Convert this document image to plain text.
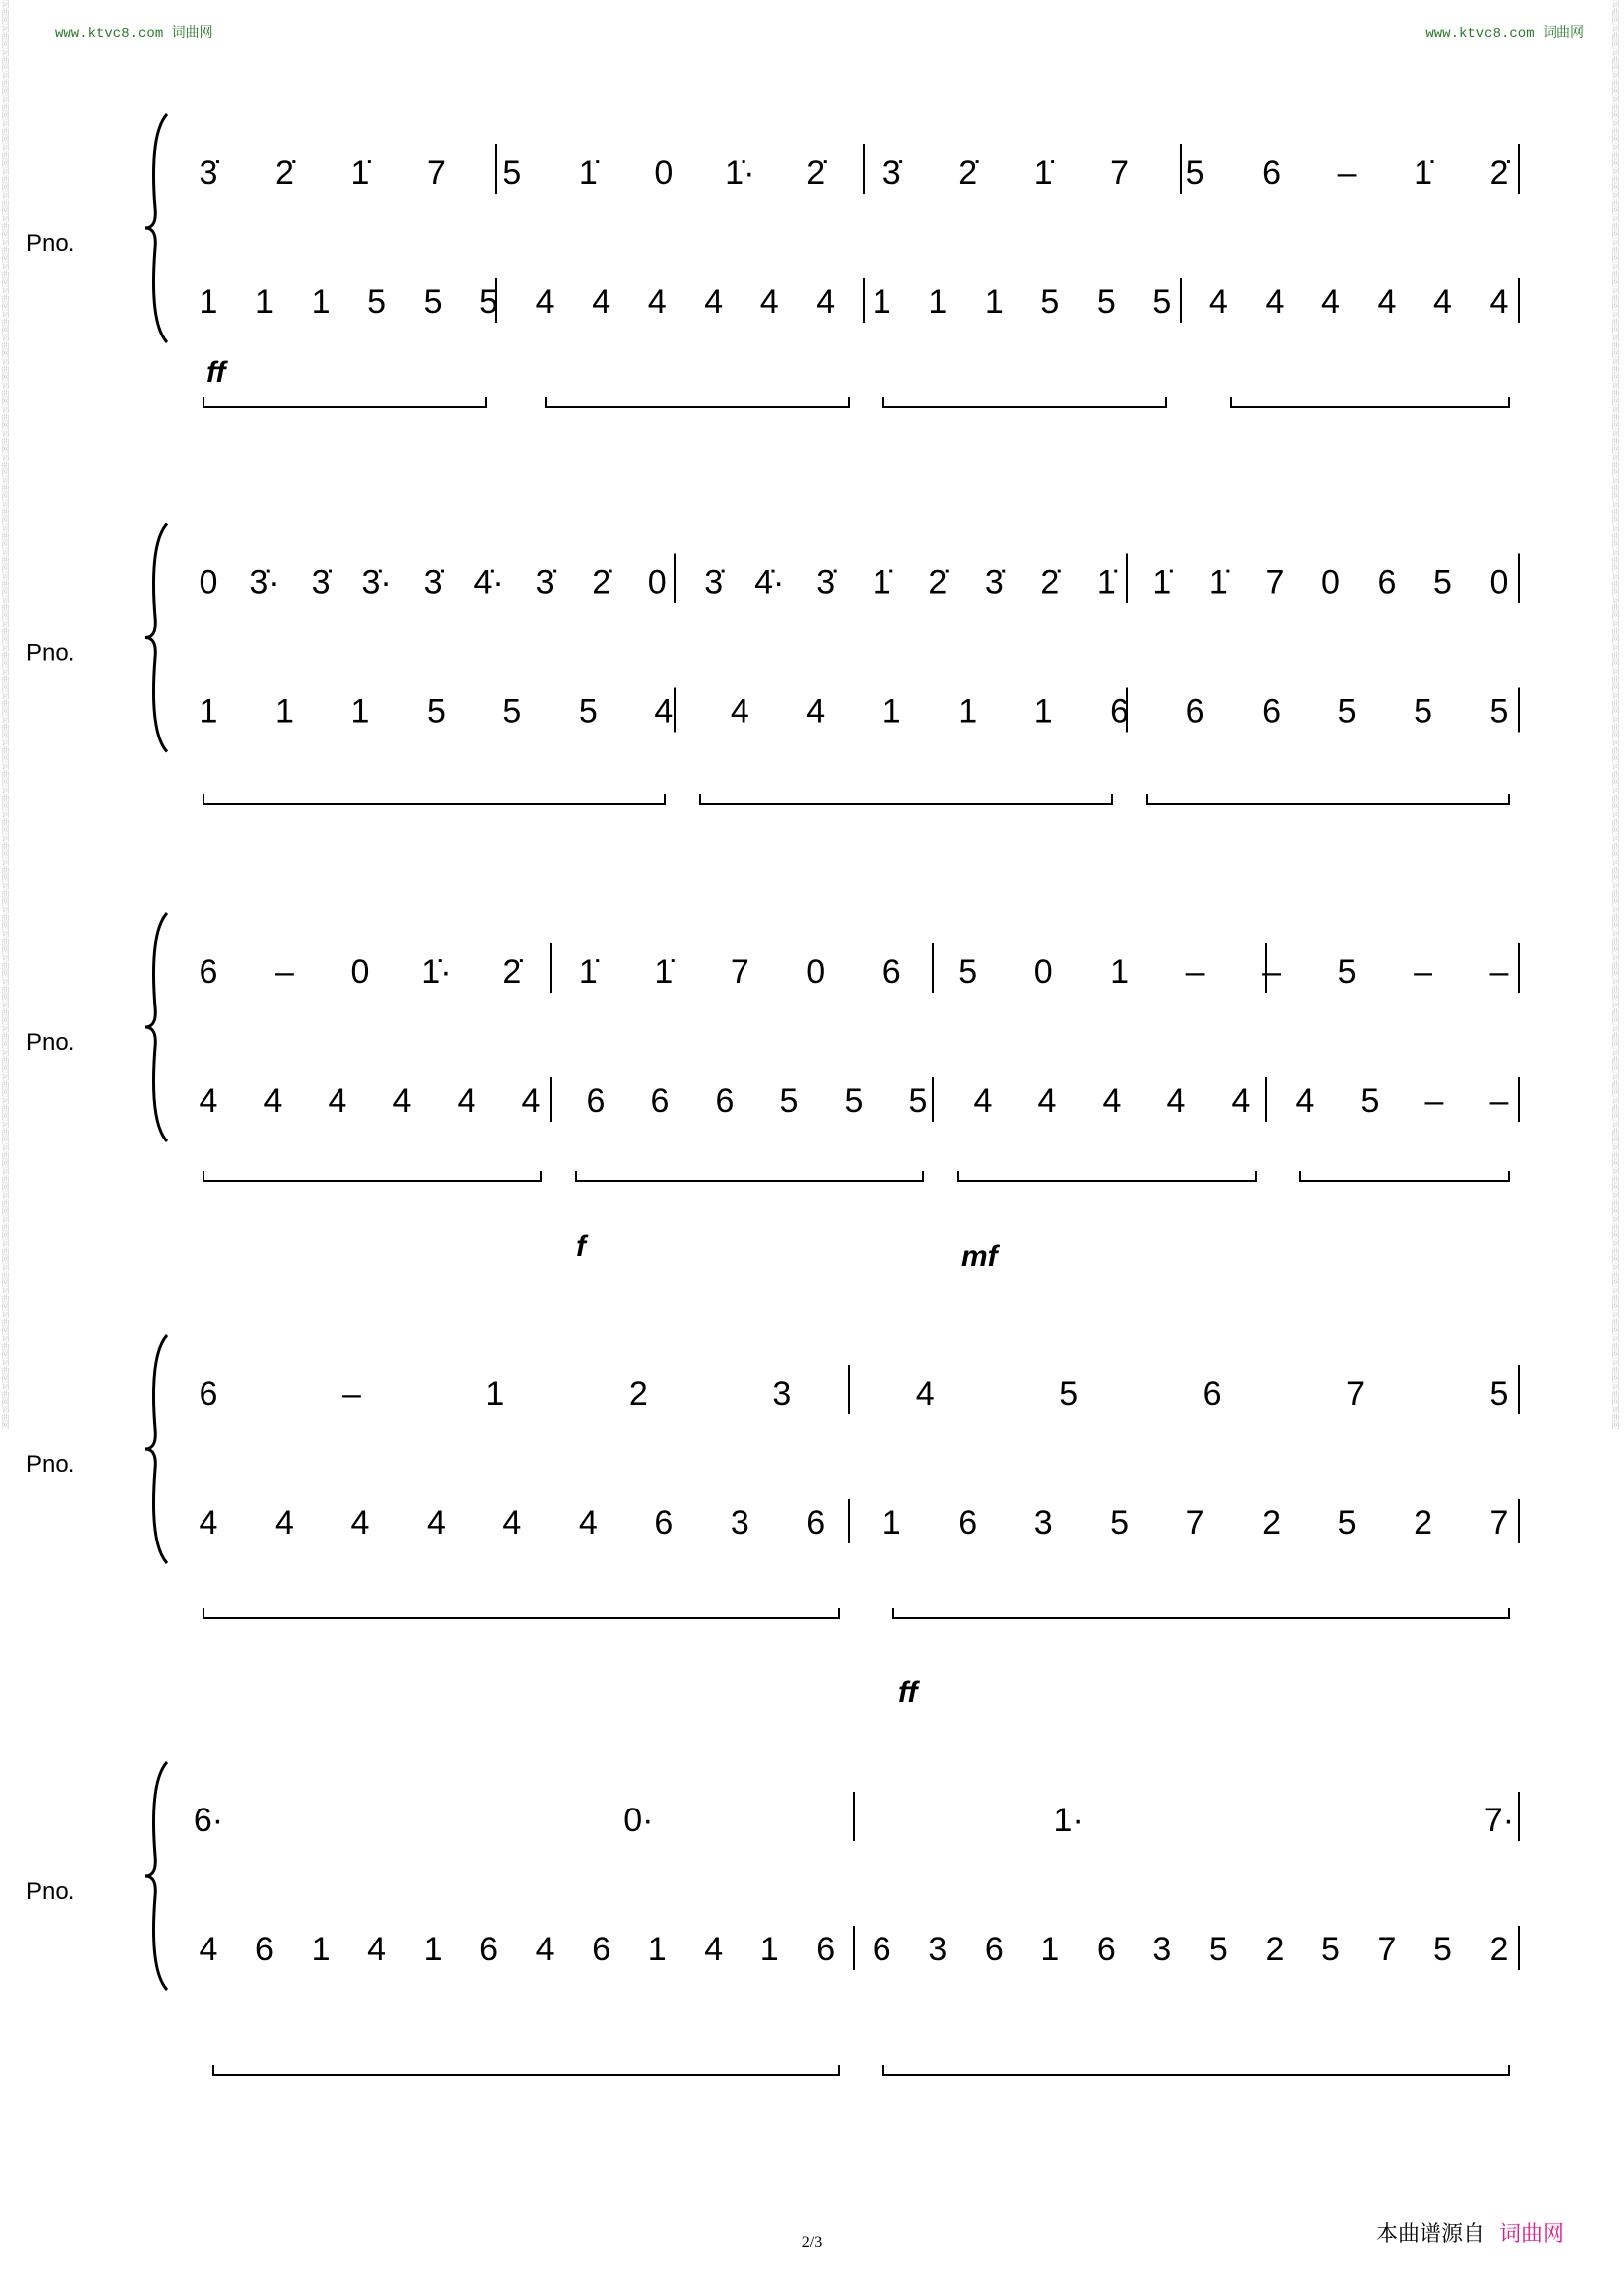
www.ktvc8.com 词曲网	www.ktvc8.com 词曲网
词曲网词曲网词曲网词曲网词曲网词曲网词曲网词曲网词曲网词曲网词曲网词曲网词曲网词曲网词曲网词曲网词曲网词曲网词曲网词曲网词曲网词曲网词曲网词曲网词曲网词曲网词曲网词曲网词曲网词曲网词曲网词曲网词曲网词曲网词曲网词曲网词曲网词曲网词曲网词曲网词曲网词曲网词曲网词曲网词曲网词曲网词曲网词曲网词曲网词曲网词曲网词曲网词曲网词曲网词曲网词曲网词曲网词曲网词曲网词曲网	词曲网词曲网词曲网词曲网词曲网词曲网词曲网词曲网词曲网词曲网词曲网词曲网词曲网词曲网词曲网词曲网词曲网词曲网词曲网词曲网词曲网词曲网词曲网词曲网词曲网词曲网词曲网词曲网词曲网词曲网词曲网词曲网词曲网词曲网词曲网词曲网词曲网词曲网词曲网词曲网词曲网词曲网词曲网词曲网词曲网词曲网词曲网词曲网词曲网词曲网词曲网词曲网词曲网词曲网词曲网词曲网词曲网词曲网词曲网词曲网
Pno.
3̇ 2̇ 1̇ 7 5 1̇ 0 1̇· 2̇ 3̇ 2̇ 1̇ 7 5 6 – 1̇ 2̇
1 1 1 5 5 5 4 4 4 4 4 4 1 1 1 5 5 5 4 4 4 4 4 4
Pno.
0 3̇· 3̇ 3̇· 3̇ 4̇· 3̇ 2̇ 0 3̇ 4̇· 3̇ 1̇ 2̇ 3̇ 2̇ 1̇ 1̇ 1̇ 7 0 6 5 0
1 1 1 5 5 5 4 4 4 1 1 1 6 6 6 5 5 5
Pno.
6 – 0 1̇· 2̇ 1̇ 1̇ 7 0 6 5 0 1 – – 5 – –
4 4 4 4 4 4 6 6 6 5 5 5 4 4 4 4 4 4 5 – –
Pno.
6	–	1	2	3	4	5	6	7	5
4 4 4 4 4 4 6 3 6 1 6 3 5 7 2 5 2 7
Pno.
6·	0·	1·	7·
4 6 1 4 1 6 4 6 1 4 1 6 6 3 6 1 6 3 5 2 5 7 5 2
ff
f	mf
ff
2/3	本曲谱源自 词曲网
